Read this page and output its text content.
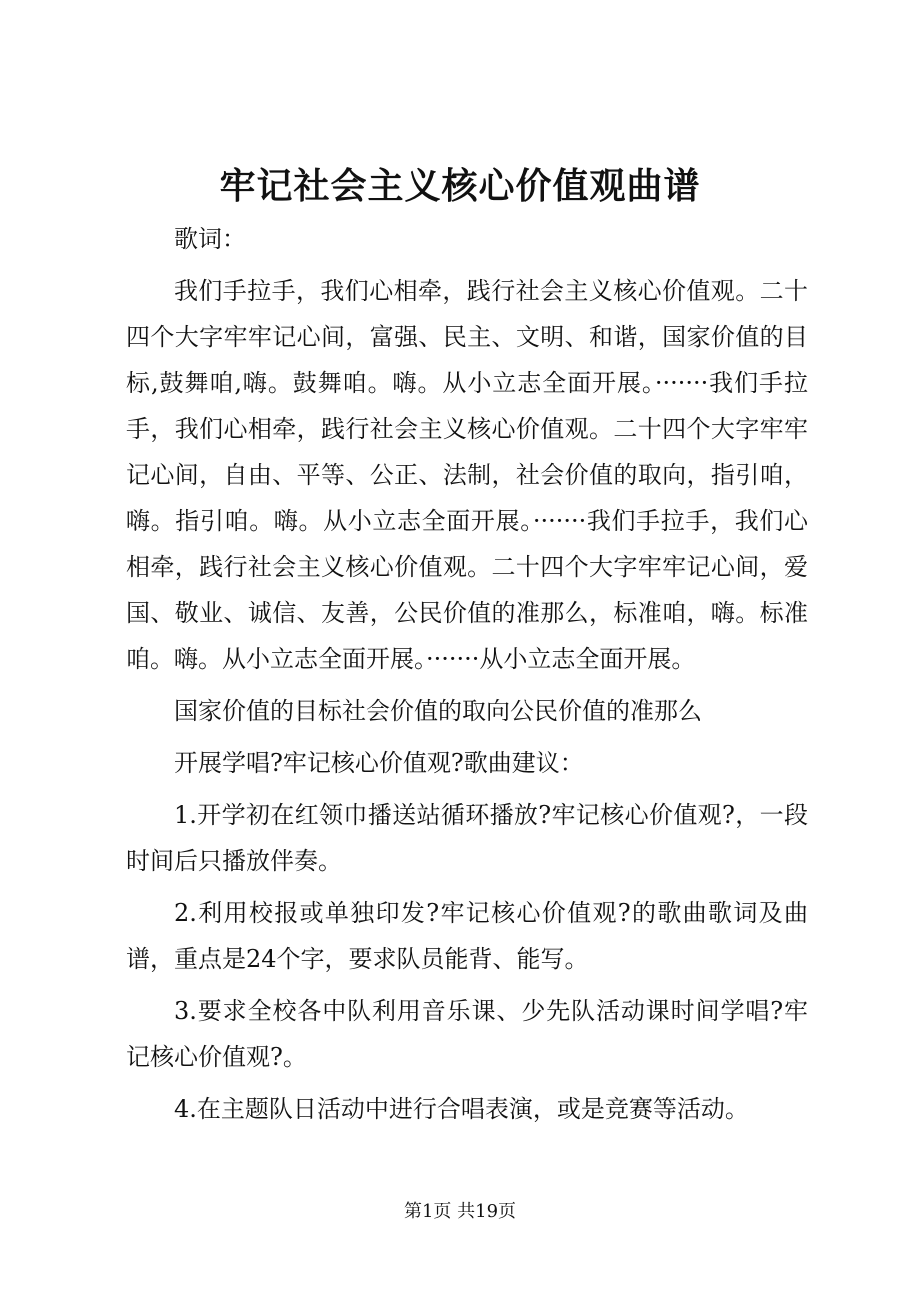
牢记社会主义核心价值观曲谱

歌词：

我们手拉手，我们心相牵，践行社会主义核心价值观。二十四个大字牢牢记心间，富强、民主、文明、和谐，国家价值的目标,鼓舞咱,嗨。鼓舞咱。嗨。从小立志全面开展。·······我们手拉手，我们心相牵，践行社会主义核心价值观。二十四个大字牢牢记心间，自由、平等、公正、法制，社会价值的取向，指引咱，嗨。指引咱。嗨。从小立志全面开展。·······我们手拉手，我们心相牵，践行社会主义核心价值观。二十四个大字牢牢记心间，爱国、敬业、诚信、友善，公民价值的准那么，标准咱，嗨。标准咱。嗨。从小立志全面开展。·······从小立志全面开展。

国家价值的目标社会价值的取向公民价值的准那么

开展学唱?牢记核心价值观?歌曲建议：

1.开学初在红领巾播送站循环播放?牢记核心价值观?，一段时间后只播放伴奏。

2.利用校报或单独印发?牢记核心价值观?的歌曲歌词及曲谱，重点是24个字，要求队员能背、能写。

3.要求全校各中队利用音乐课、少先队活动课时间学唱?牢记核心价值观?。

4.在主题队日活动中进行合唱表演，或是竞赛等活动。

第1页 共19页
